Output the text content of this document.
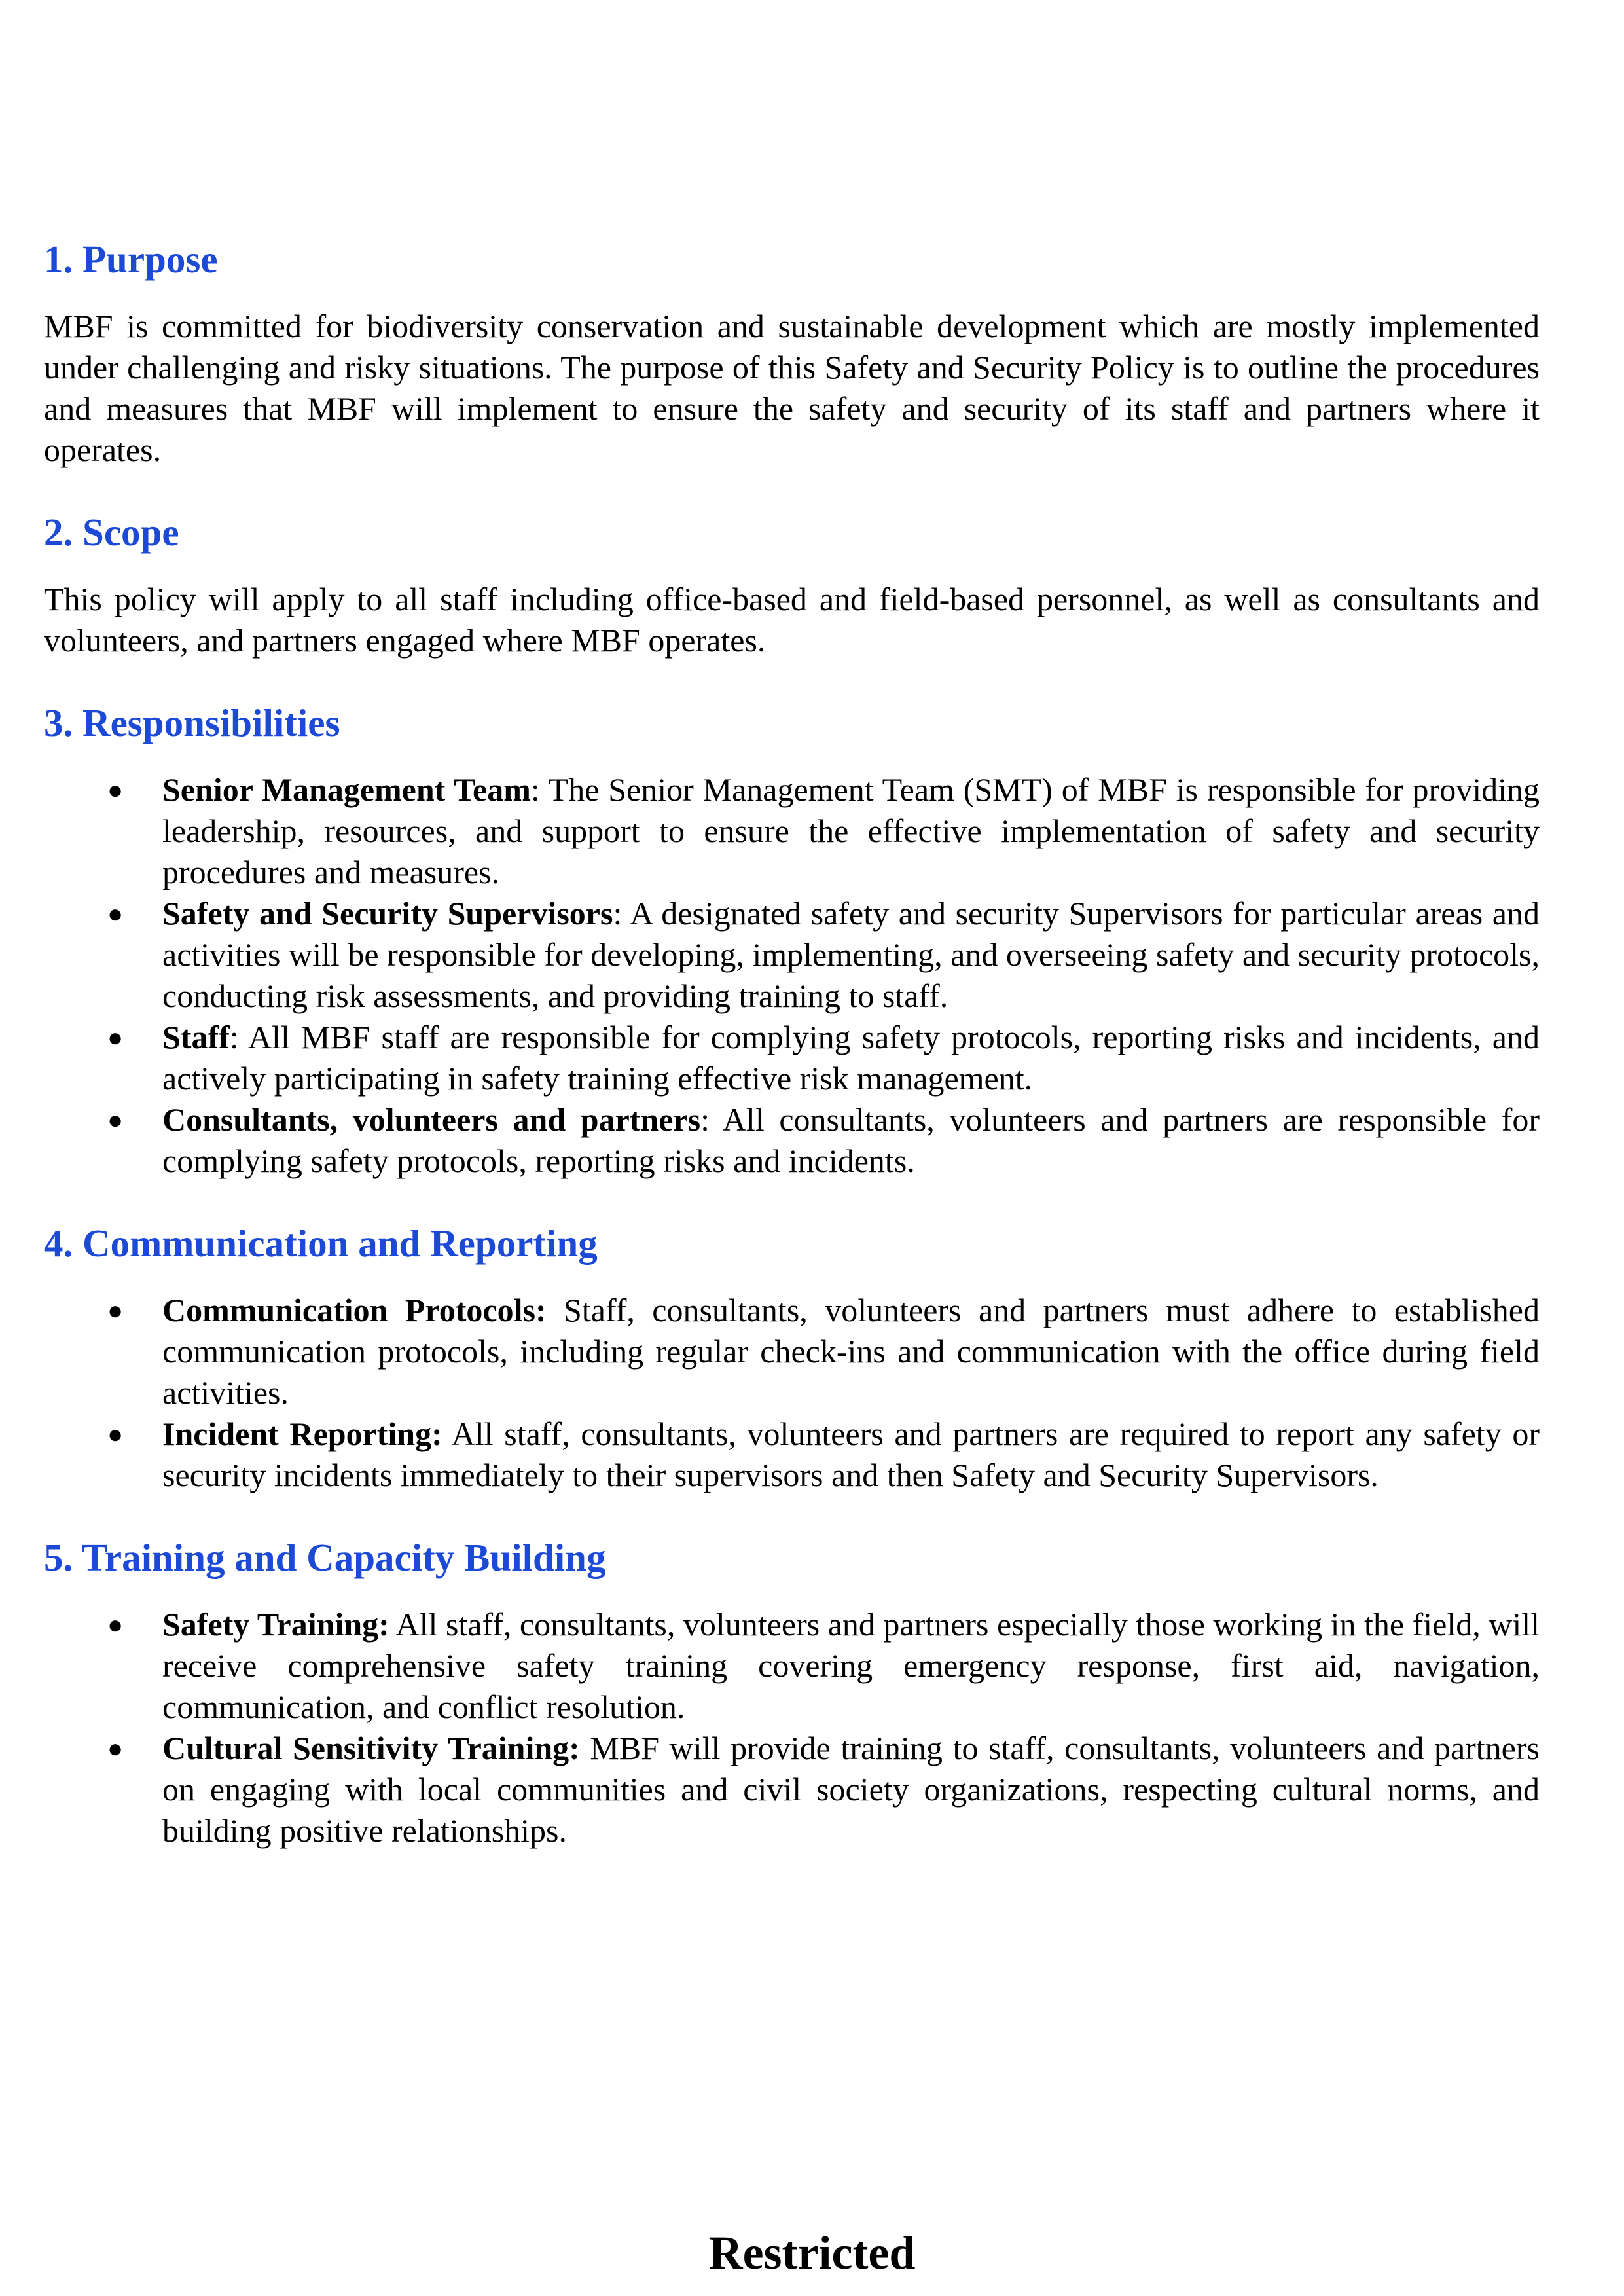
1. Purpose

MBF is committed for biodiversity conservation and sustainable development which are mostly implemented under challenging and risky situations. The purpose of this Safety and Security Policy is to outline the procedures and measures that MBF will implement to ensure the safety and security of its staff and partners where it operates.

2. Scope

This policy will apply to all staff including office-based and field-based personnel, as well as consultants and volunteers, and partners engaged where MBF operates.

3. Responsibilities
● Senior Management Team: The Senior Management Team (SMT) of MBF is responsible for providing leadership, resources, and support to ensure the effective implementation of safety and security procedures and measures.
● Safety and Security Supervisors: A designated safety and security Supervisors for particular areas and activities will be responsible for developing, implementing, and overseeing safety and security protocols, conducting risk assessments, and providing training to staff.
● Staff: All MBF staff are responsible for complying safety protocols, reporting risks and incidents, and actively participating in safety training effective risk management.
● Consultants, volunteers and partners: All consultants, volunteers and partners are responsible for complying safety protocols, reporting risks and incidents.
4. Communication and Reporting
● Communication Protocols: Staff, consultants, volunteers and partners must adhere to established communication protocols, including regular check-ins and communication with the office during field activities.
● Incident Reporting: All staff, consultants, volunteers and partners are required to report any safety or security incidents immediately to their supervisors and then Safety and Security Supervisors.
5. Training and Capacity Building
● Safety Training: All staff, consultants, volunteers and partners especially those working in the field, will receive comprehensive safety training covering emergency response, first aid, navigation, communication, and conflict resolution.
● Cultural Sensitivity Training: MBF will provide training to staff, consultants, volunteers and partners on engaging with local communities and civil society organizations, respecting cultural norms, and building positive relationships.
Restricted
